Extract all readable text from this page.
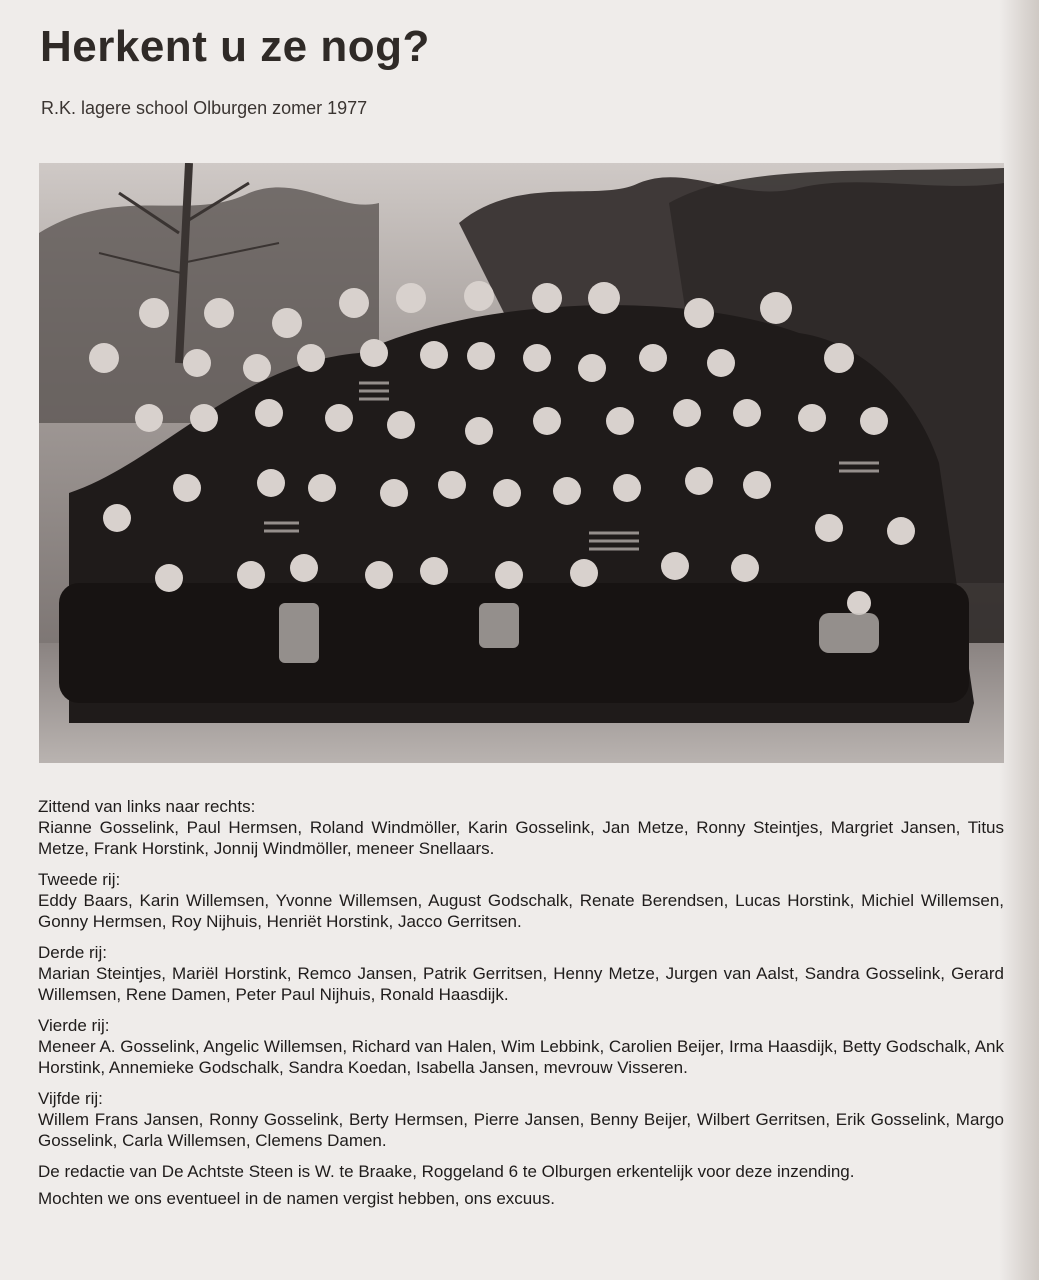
Herkent u ze nog?
R.K. lagere school Olburgen zomer 1977
Zittend van links naar rechts:
Rianne Gosselink, Paul Hermsen, Roland Windmöller, Karin Gosselink, Jan Metze, Ronny Steintjes, Margriet Jansen, Titus Metze, Frank Horstink, Jonnij Windmöller, meneer Snellaars.
Tweede rij:
Eddy Baars, Karin Willemsen, Yvonne Willemsen, August Godschalk, Renate Berendsen, Lucas Horstink, Michiel Willemsen, Gonny Hermsen, Roy Nijhuis, Henriët Horstink, Jacco Gerritsen.
Derde rij:
Marian Steintjes, Mariël Horstink, Remco Jansen, Patrik Gerritsen, Henny Metze, Jurgen van Aalst, Sandra Gosselink, Gerard Willemsen, Rene Damen, Peter Paul Nijhuis, Ronald Haasdijk.
Vierde rij:
Meneer A. Gosselink, Angelic Willemsen, Richard van Halen, Wim Lebbink, Carolien Beijer, Irma Haasdijk, Betty Godschalk, Ank Horstink, Annemieke Godschalk, Sandra Koedan, Isabella Jansen, mevrouw Visseren.
Vijfde rij:
Willem Frans Jansen, Ronny Gosselink, Berty Hermsen, Pierre Jansen, Benny Beijer, Wilbert Gerritsen, Erik Gosselink, Margo Gosselink, Carla Willemsen, Clemens Damen.
De redactie van De Achtste Steen is W. te Braake, Roggeland 6 te Olburgen erkentelijk voor deze inzending.
Mochten we ons eventueel in de namen vergist hebben, ons excuus.
